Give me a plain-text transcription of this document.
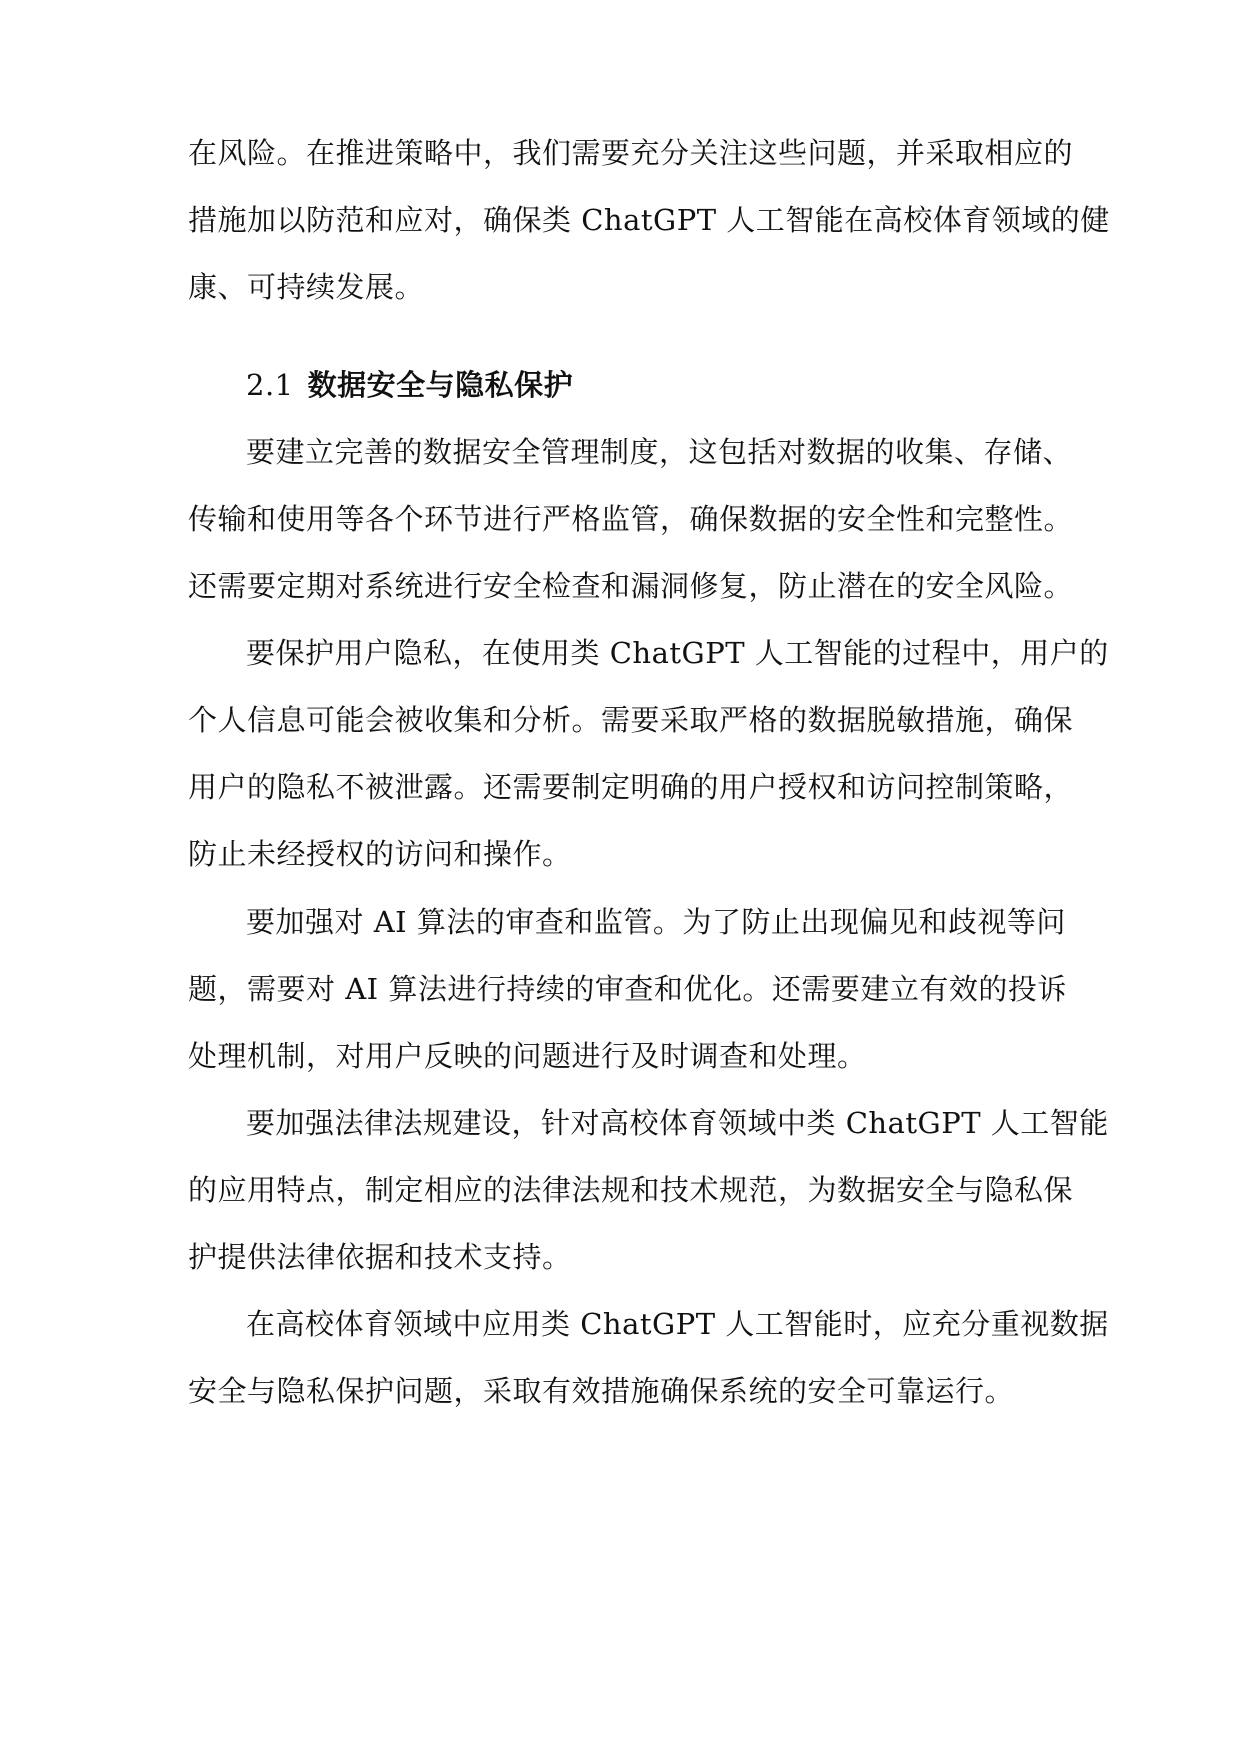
在风险。在推进策略中，我们需要充分关注这些问题，并采取相应的
措施加以防范和应对，确保类 ChatGPT 人工智能在高校体育领域的健
康、可持续发展。
2.1 数据安全与隐私保护
要建立完善的数据安全管理制度，这包括对数据的收集、存储、
传输和使用等各个环节进行严格监管，确保数据的安全性和完整性。
还需要定期对系统进行安全检查和漏洞修复，防止潜在的安全风险。
要保护用户隐私，在使用类 ChatGPT 人工智能的过程中，用户的
个人信息可能会被收集和分析。需要采取严格的数据脱敏措施，确保
用户的隐私不被泄露。还需要制定明确的用户授权和访问控制策略，
防止未经授权的访问和操作。
要加强对 AI 算法的审查和监管。为了防止出现偏见和歧视等问
题，需要对 AI 算法进行持续的审查和优化。还需要建立有效的投诉
处理机制，对用户反映的问题进行及时调查和处理。
要加强法律法规建设，针对高校体育领域中类 ChatGPT 人工智能
的应用特点，制定相应的法律法规和技术规范，为数据安全与隐私保
护提供法律依据和技术支持。
在高校体育领域中应用类 ChatGPT 人工智能时，应充分重视数据
安全与隐私保护问题，采取有效措施确保系统的安全可靠运行。
